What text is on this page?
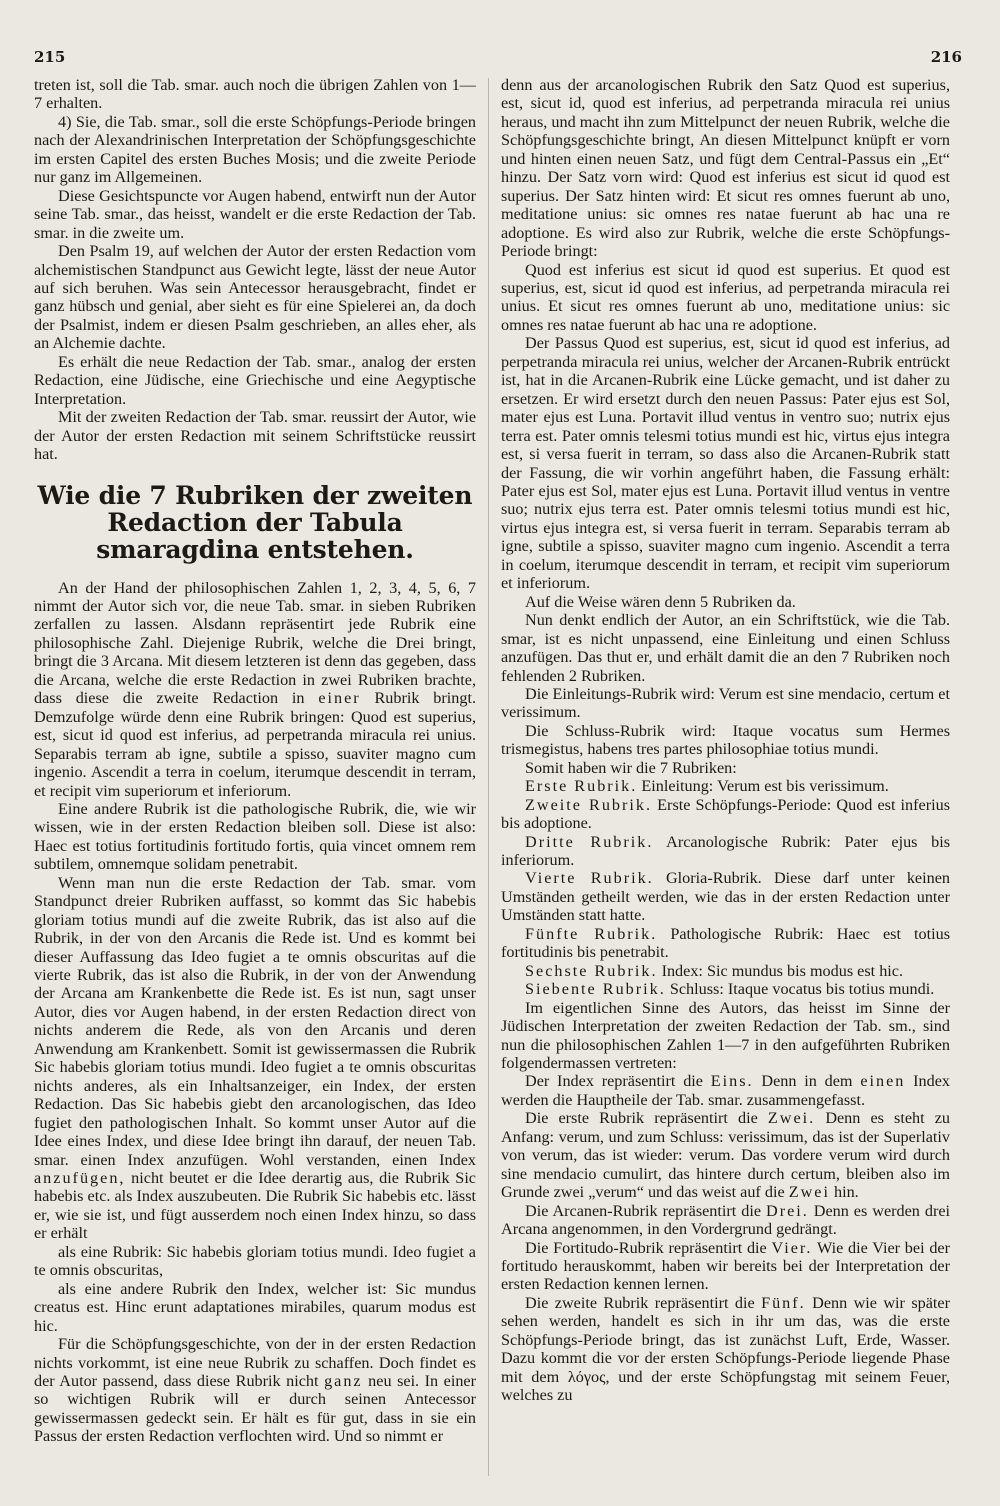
215	216

treten ist, soll die Tab. smar. auch noch die übrigen Zahlen von 1—7 erhalten.

4) Sie, die Tab. smar., soll die erste Schöpfungs-Periode bringen nach der Alexandrinischen Interpretation der Schöpfungsgeschichte im ersten Capitel des ersten Buches Mosis; und die zweite Periode nur ganz im Allgemeinen.

Diese Gesichtspuncte vor Augen habend, entwirft nun der Autor seine Tab. smar., das heisst, wandelt er die erste Redaction der Tab. smar. in die zweite um.

Den Psalm 19, auf welchen der Autor der ersten Redaction vom alchemistischen Standpunct aus Gewicht legte, lässt der neue Autor auf sich beruhen. Was sein Antecessor herausgebracht, findet er ganz hübsch und genial, aber sieht es für eine Spielerei an, da doch der Psalmist, indem er diesen Psalm geschrieben, an alles eher, als an Alchemie dachte.

Es erhält die neue Redaction der Tab. smar., analog der ersten Redaction, eine Jüdische, eine Griechische und eine Aegyptische Interpretation.

Mit der zweiten Redaction der Tab. smar. reussirt der Autor, wie der Autor der ersten Redaction mit seinem Schriftstücke reussirt hat.

Wie die 7 Rubriken der zweiten Redaction der Tabula smaragdina entstehen.

An der Hand der philosophischen Zahlen 1, 2, 3, 4, 5, 6, 7 nimmt der Autor sich vor, die neue Tab. smar. in sieben Rubriken zerfallen zu lassen. Alsdann repräsentirt jede Rubrik eine philosophische Zahl. Diejenige Rubrik, welche die Drei bringt, bringt die 3 Arcana. Mit diesem letzteren ist denn das gegeben, dass die Arcana, welche die erste Redaction in zwei Rubriken brachte, dass diese die zweite Redaction in einer Rubrik bringt. Demzufolge würde denn eine Rubrik bringen: Quod est superius, est, sicut id quod est inferius, ad perpetranda miracula rei unius. Separabis terram ab igne, subtile a spisso, suaviter magno cum ingenio. Ascendit a terra in coelum, iterumque descendit in terram, et recipit vim superiorum et inferiorum.

Eine andere Rubrik ist die pathologische Rubrik, die, wie wir wissen, wie in der ersten Redaction bleiben soll. Diese ist also: Haec est totius fortitudinis fortitudo fortis, quia vincet omnem rem subtilem, omnemque solidam penetrabit.

Wenn man nun die erste Redaction der Tab. smar. vom Standpunct dreier Rubriken auffasst, so kommt das Sic habebis gloriam totius mundi auf die zweite Rubrik, das ist also auf die Rubrik, in der von den Arcanis die Rede ist. Und es kommt bei dieser Auffassung das Ideo fugiet a te omnis obscuritas auf die vierte Rubrik, das ist also die Rubrik, in der von der Anwendung der Arcana am Krankenbette die Rede ist. Es ist nun, sagt unser Autor, dies vor Augen habend, in der ersten Redaction direct von nichts anderem die Rede, als von den Arcanis und deren Anwendung am Krankenbett. Somit ist gewissermassen die Rubrik Sic habebis gloriam totius mundi. Ideo fugiet a te omnis obscuritas nichts anderes, als ein Inhaltsanzeiger, ein Index, der ersten Redaction. Das Sic habebis giebt den arcanologischen, das Ideo fugiet den pathologischen Inhalt. So kommt unser Autor auf die Idee eines Index, und diese Idee bringt ihn darauf, der neuen Tab. smar. einen Index anzufügen. Wohl verstanden, einen Index anzufügen, nicht beutet er die Idee derartig aus, die Rubrik Sic habebis etc. als Index auszubeuten. Die Rubrik Sic habebis etc. lässt er, wie sie ist, und fügt ausserdem noch einen Index hinzu, so dass er erhält

als eine Rubrik: Sic habebis gloriam totius mundi. Ideo fugiet a te omnis obscuritas,

als eine andere Rubrik den Index, welcher ist: Sic mundus creatus est. Hinc erunt adaptationes mirabiles, quarum modus est hic.

Für die Schöpfungsgeschichte, von der in der ersten Redaction nichts vorkommt, ist eine neue Rubrik zu schaffen. Doch findet es der Autor passend, dass diese Rubrik nicht ganz neu sei. In einer so wichtigen Rubrik will er durch seinen Antecessor gewissermassen gedeckt sein. Er hält es für gut, dass in sie ein Passus der ersten Redaction verflochten wird. Und so nimmt er

denn aus der arcanologischen Rubrik den Satz Quod est superius, est, sicut id, quod est inferius, ad perpetranda miracula rei unius heraus, und macht ihn zum Mittelpunct der neuen Rubrik, welche die Schöpfungsgeschichte bringt, An diesen Mittelpunct knüpft er vorn und hinten einen neuen Satz, und fügt dem Central-Passus ein „Et“ hinzu. Der Satz vorn wird: Quod est inferius est sicut id quod est superius. Der Satz hinten wird: Et sicut res omnes fuerunt ab uno, meditatione unius: sic omnes res natae fuerunt ab hac una re adoptione. Es wird also zur Rubrik, welche die erste Schöpfungs-Periode bringt:

Quod est inferius est sicut id quod est superius. Et quod est superius, est, sicut id quod est inferius, ad perpetranda miracula rei unius. Et sicut res omnes fuerunt ab uno, meditatione unius: sic omnes res natae fuerunt ab hac una re adoptione.

Der Passus Quod est superius, est, sicut id quod est inferius, ad perpetranda miracula rei unius, welcher der Arcanen-Rubrik entrückt ist, hat in die Arcanen-Rubrik eine Lücke gemacht, und ist daher zu ersetzen. Er wird ersetzt durch den neuen Passus: Pater ejus est Sol, mater ejus est Luna. Portavit illud ventus in ventro suo; nutrix ejus terra est. Pater omnis telesmi totius mundi est hic, virtus ejus integra est, si versa fuerit in terram, so dass also die Arcanen-Rubrik statt der Fassung, die wir vorhin angeführt haben, die Fassung erhält: Pater ejus est Sol, mater ejus est Luna. Portavit illud ventus in ventre suo; nutrix ejus terra est. Pater omnis telesmi totius mundi est hic, virtus ejus integra est, si versa fuerit in terram. Separabis terram ab igne, subtile a spisso, suaviter magno cum ingenio. Ascendit a terra in coelum, iterumque descendit in terram, et recipit vim superiorum et inferiorum.

Auf die Weise wären denn 5 Rubriken da.

Nun denkt endlich der Autor, an ein Schriftstück, wie die Tab. smar, ist es nicht unpassend, eine Einleitung und einen Schluss anzufügen. Das thut er, und erhält damit die an den 7 Rubriken noch fehlenden 2 Rubriken.

Die Einleitungs-Rubrik wird: Verum est sine mendacio, certum et verissimum.

Die Schluss-Rubrik wird: Itaque vocatus sum Hermes trismegistus, habens tres partes philosophiae totius mundi.

Somit haben wir die 7 Rubriken:

Erste Rubrik. Einleitung: Verum est bis verissimum.

Zweite Rubrik. Erste Schöpfungs-Periode: Quod est inferius bis adoptione.

Dritte Rubrik. Arcanologische Rubrik: Pater ejus bis inferiorum.

Vierte Rubrik. Gloria-Rubrik. Diese darf unter keinen Umständen getheilt werden, wie das in der ersten Redaction unter Umständen statt hatte.

Fünfte Rubrik. Pathologische Rubrik: Haec est totius fortitudinis bis penetrabit.

Sechste Rubrik. Index: Sic mundus bis modus est hic.

Siebente Rubrik. Schluss: Itaque vocatus bis totius mundi.

Im eigentlichen Sinne des Autors, das heisst im Sinne der Jüdischen Interpretation der zweiten Redaction der Tab. sm., sind nun die philosophischen Zahlen 1—7 in den aufgeführten Rubriken folgendermassen vertreten:

Der Index repräsentirt die Eins. Denn in dem einen Index werden die Hauptheile der Tab. smar. zusammengefasst.

Die erste Rubrik repräsentirt die Zwei. Denn es steht zu Anfang: verum, und zum Schluss: verissimum, das ist der Superlativ von verum, das ist wieder: verum. Das vordere verum wird durch sine mendacio cumulirt, das hintere durch certum, bleiben also im Grunde zwei „verum“ und das weist auf die Zwei hin.

Die Arcanen-Rubrik repräsentirt die Drei. Denn es werden drei Arcana angenommen, in den Vordergrund gedrängt.

Die Fortitudo-Rubrik repräsentirt die Vier. Wie die Vier bei der fortitudo herauskommt, haben wir bereits bei der Interpretation der ersten Redaction kennen lernen.

Die zweite Rubrik repräsentirt die Fünf. Denn wie wir später sehen werden, handelt es sich in ihr um das, was die erste Schöpfungs-Periode bringt, das ist zunächst Luft, Erde, Wasser. Dazu kommt die vor der ersten Schöpfungs-Periode liegende Phase mit dem λόγος, und der erste Schöpfungstag mit seinem Feuer, welches zu
